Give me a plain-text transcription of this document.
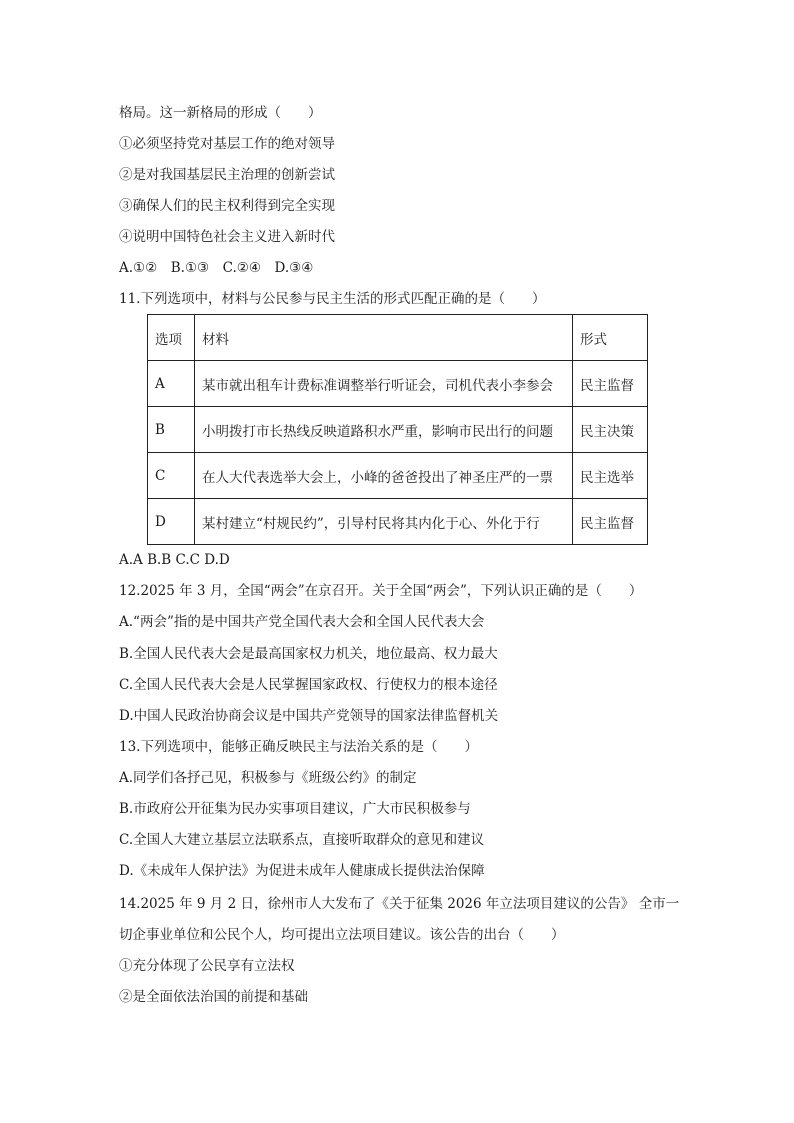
格局。这一新格局的形成（　　）
①必须坚持党对基层工作的绝对领导
②是对我国基层民主治理的创新尝试
③确保人们的民主权利得到完全实现
④说明中国特色社会主义进入新时代
A.①②　B.①③　C.②④　D.③④
11.下列选项中，材料与公民参与民主生活的形式匹配正确的是（　　）
选项	材料	形式
A	某市就出租车计费标准调整举行听证会，司机代表小李参会	民主监督
B	小明拨打市长热线反映道路积水严重，影响市民出行的问题	民主决策
C	在人大代表选举大会上，小峰的爸爸投出了神圣庄严的一票	民主选举
D	某村建立“村规民约”，引导村民将其内化于心、外化于行	民主监督
A.A B.B C.C D.D
12.2025 年 3 月，全国“两会”在京召开。关于全国“两会”，下列认识正确的是（　　）
A.“两会”指的是中国共产党全国代表大会和全国人民代表大会
B.全国人民代表大会是最高国家权力机关，地位最高、权力最大
C.全国人民代表大会是人民掌握国家政权、行使权力的根本途径
D.中国人民政治协商会议是中国共产党领导的国家法律监督机关
13.下列选项中，能够正确反映民主与法治关系的是（　　）
A.同学们各抒己见，积极参与《班级公约》的制定
B.市政府公开征集为民办实事项目建议，广大市民积极参与
C.全国人大建立基层立法联系点，直接听取群众的意见和建议
D.《未成年人保护法》为促进未成年人健康成长提供法治保障
14.2025 年 9 月 2 日，徐州市人大发布了《关于征集 2026 年立法项目建议的公告》 全市一
切企事业单位和公民个人，均可提出立法项目建议。该公告的出台（　　）
①充分体现了公民享有立法权
②是全面依法治国的前提和基础
